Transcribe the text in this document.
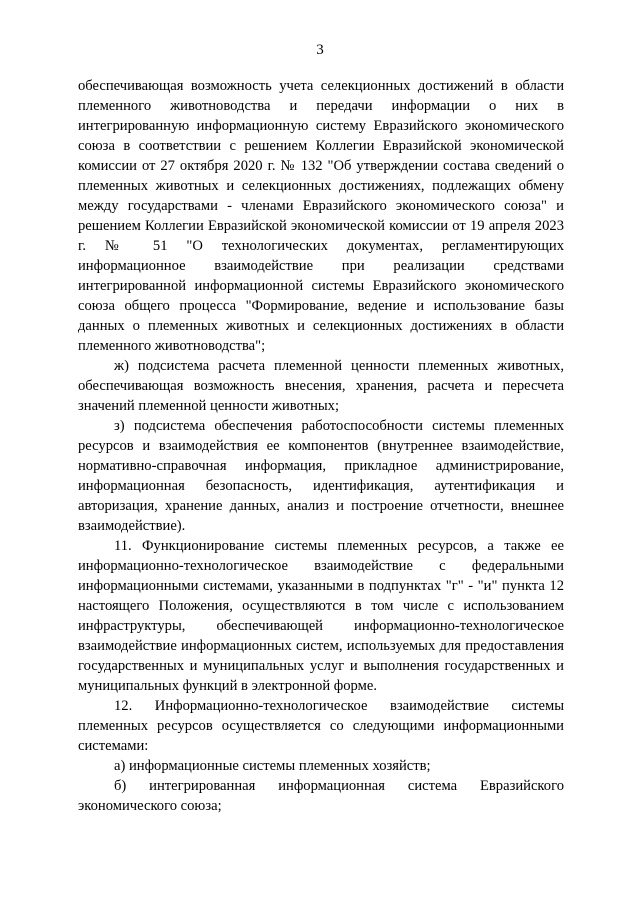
3

обеспечивающая возможность учета селекционных достижений в области племенного животноводства и передачи информации о них в интегрированную информационную систему Евразийского экономического союза в соответствии с решением Коллегии Евразийской экономической комиссии от 27 октября 2020 г. № 132 "Об утверждении состава сведений о племенных животных и селекционных достижениях, подлежащих обмену между государствами - членами Евразийского экономического союза" и решением Коллегии Евразийской экономической комиссии от 19 апреля 2023 г. № 51 "О технологических документах, регламентирующих информационное взаимодействие при реализации средствами интегрированной информационной системы Евразийского экономического союза общего процесса "Формирование, ведение и использование базы данных о племенных животных и селекционных достижениях в области племенного животноводства";

ж) подсистема расчета племенной ценности племенных животных, обеспечивающая возможность внесения, хранения, расчета и пересчета значений племенной ценности животных;

з) подсистема обеспечения работоспособности системы племенных ресурсов и взаимодействия ее компонентов (внутреннее взаимодействие, нормативно-справочная информация, прикладное администрирование, информационная безопасность, идентификация, аутентификация и авторизация, хранение данных, анализ и построение отчетности, внешнее взаимодействие).

11. Функционирование системы племенных ресурсов, а также ее информационно-технологическое взаимодействие с федеральными информационными системами, указанными в подпунктах "г" - "и" пункта 12 настоящего Положения, осуществляются в том числе с использованием инфраструктуры, обеспечивающей информационно-технологическое взаимодействие информационных систем, используемых для предоставления государственных и муниципальных услуг и выполнения государственных и муниципальных функций в электронной форме.

12. Информационно-технологическое взаимодействие системы племенных ресурсов осуществляется со следующими информационными системами:

а) информационные системы племенных хозяйств;

б) интегрированная информационная система Евразийского экономического союза;
